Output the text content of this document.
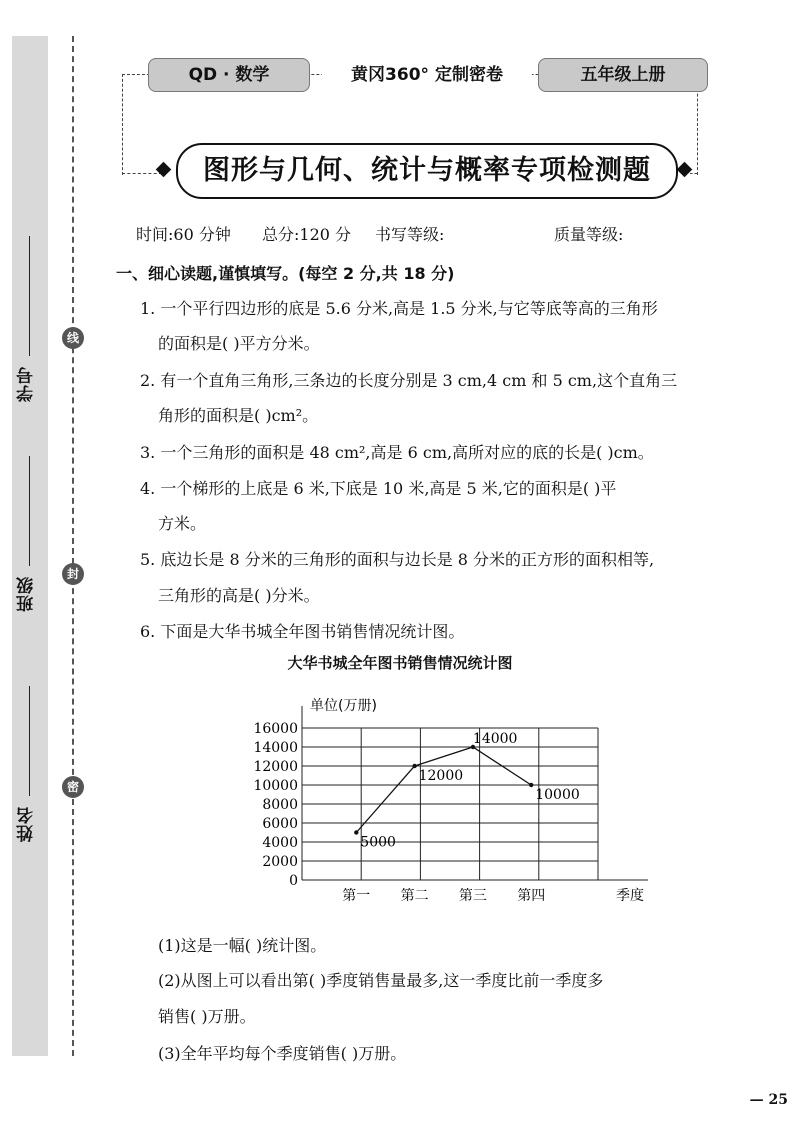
学号
班级
姓名
线
封
密
QD · 数学	黄冈360° 定制密卷	五年级上册
图形与几何、统计与概率专项检测题
时间:60 分钟 总分:120 分 书写等级:	质量等级:
一、细心读题,谨慎填写。(每空 2 分,共 18 分)
1. 一个平行四边形的底是 5.6 分米,高是 1.5 分米,与它等底等高的三角形
的面积是( )平方分米。
2. 有一个直角三角形,三条边的长度分别是 3 cm,4 cm 和 5 cm,这个直角三
角形的面积是( )cm²。
3. 一个三角形的面积是 48 cm²,高是 6 cm,高所对应的底的长是( )cm。
4. 一个梯形的上底是 6 米,下底是 10 米,高是 5 米,它的面积是( )平
方米。
5. 底边长是 8 分米的三角形的面积与边长是 8 分米的正方形的面积相等,
三角形的高是( )分米。
6. 下面是大华书城全年图书销售情况统计图。
大华书城全年图书销售情况统计图
0
2000
4000
6000
8000
10000
12000
14000
16000
单位(万册)
5000
12000
14000
10000
第一 第二 第三 第四	季度
(1)这是一幅( )统计图。
(2)从图上可以看出第( )季度销售量最多,这一季度比前一季度多
销售( )万册。
(3)全年平均每个季度销售( )万册。
— 25
